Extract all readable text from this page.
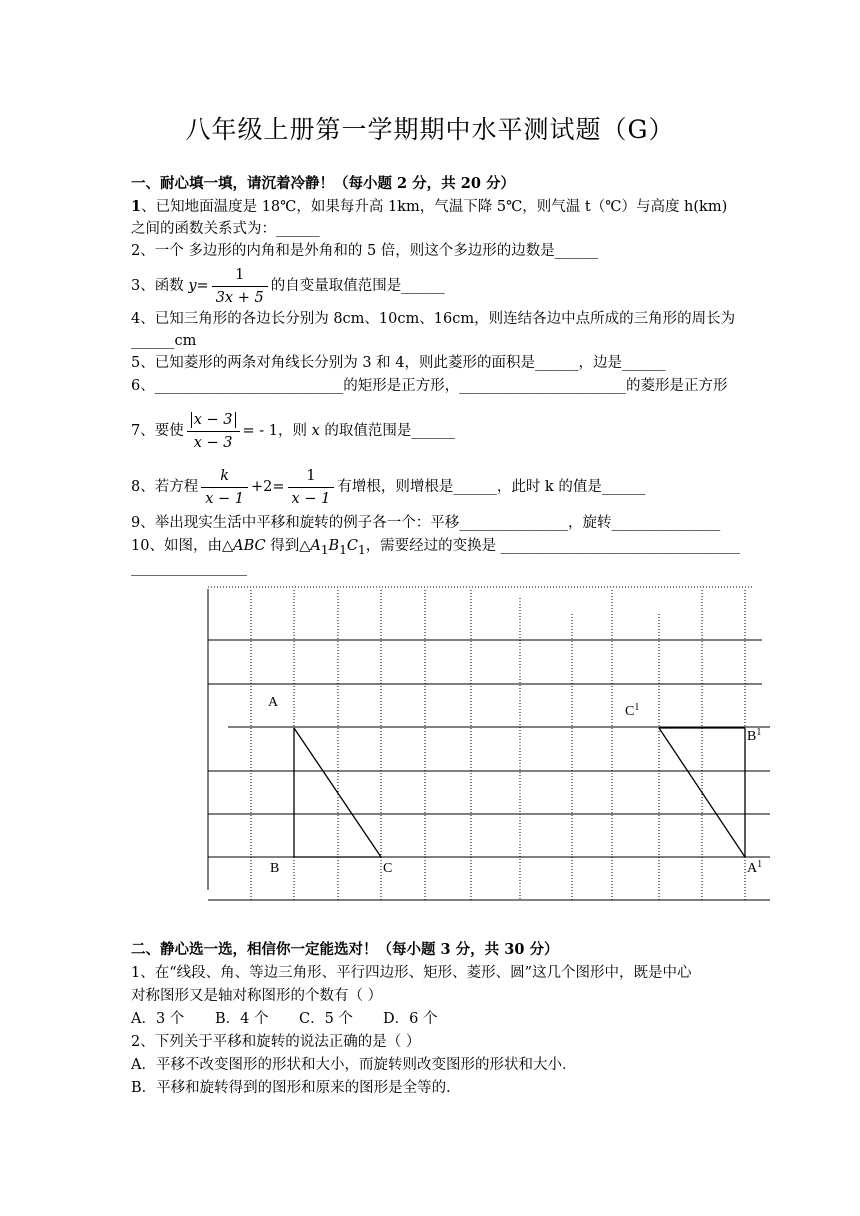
八年级上册第一学期期中水平测试题（G）
一、耐心填一填，请沉着冷静！（每小题 2 分，共 20 分）
1、已知地面温度是 18℃，如果每升高 1km，气温下降 5℃，则气温 t（℃）与高度 h(km)
之间的函数关系式为：______
2、一个 多边形的内角和是外角和的 5 倍，则这个多边形的边数是______
3、函数 $y= \frac{1}{3x + 5}$ 的自变量取值范围是______
4、已知三角形的各边长分别为 8cm、10cm、16cm，则连结各边中点所成的三角形的周长为
______cm
5、已知菱形的两条对角线长分别为 3 和 4，则此菱形的面积是______，边是______
6、__________________________的矩形是正方形，_______________________的菱形是正方形
7、要使 $\frac{x - 3}{x - 3}$ = ‑ 1，则 x 的取值范围是______
8、若方程 $\frac{k}{x - 1} +2= \frac{1}{x - 1}$ 有增根，则增根是______，此时 k 的值是______
9、举出现实生活中平移和旋转的例子各一个：平移_______________，旋转_______________
10、如图，由△ABC 得到$\triangle A_1B_1C_1$，需要经过的变换是 _________________________________
________________
A
B	C
$C^1$
$B^1$
$A^1$
二、静心选一选，相信你一定能选对！（每小题 3 分，共 30 分）
1、在“线段、角、等边三角形、平行四边形、矩形、菱形、圆”这几个图形中，既是中心
对称图形又是轴对称图形的个数有（ ）
A．3 个 B．4 个 C．5 个 D．6 个
2、下列关于平移和旋转的说法正确的是（ ）
A．平移不改变图形的形状和大小，而旋转则改变图形的形状和大小．
B．平移和旋转得到的图形和原来的图形是全等的．
